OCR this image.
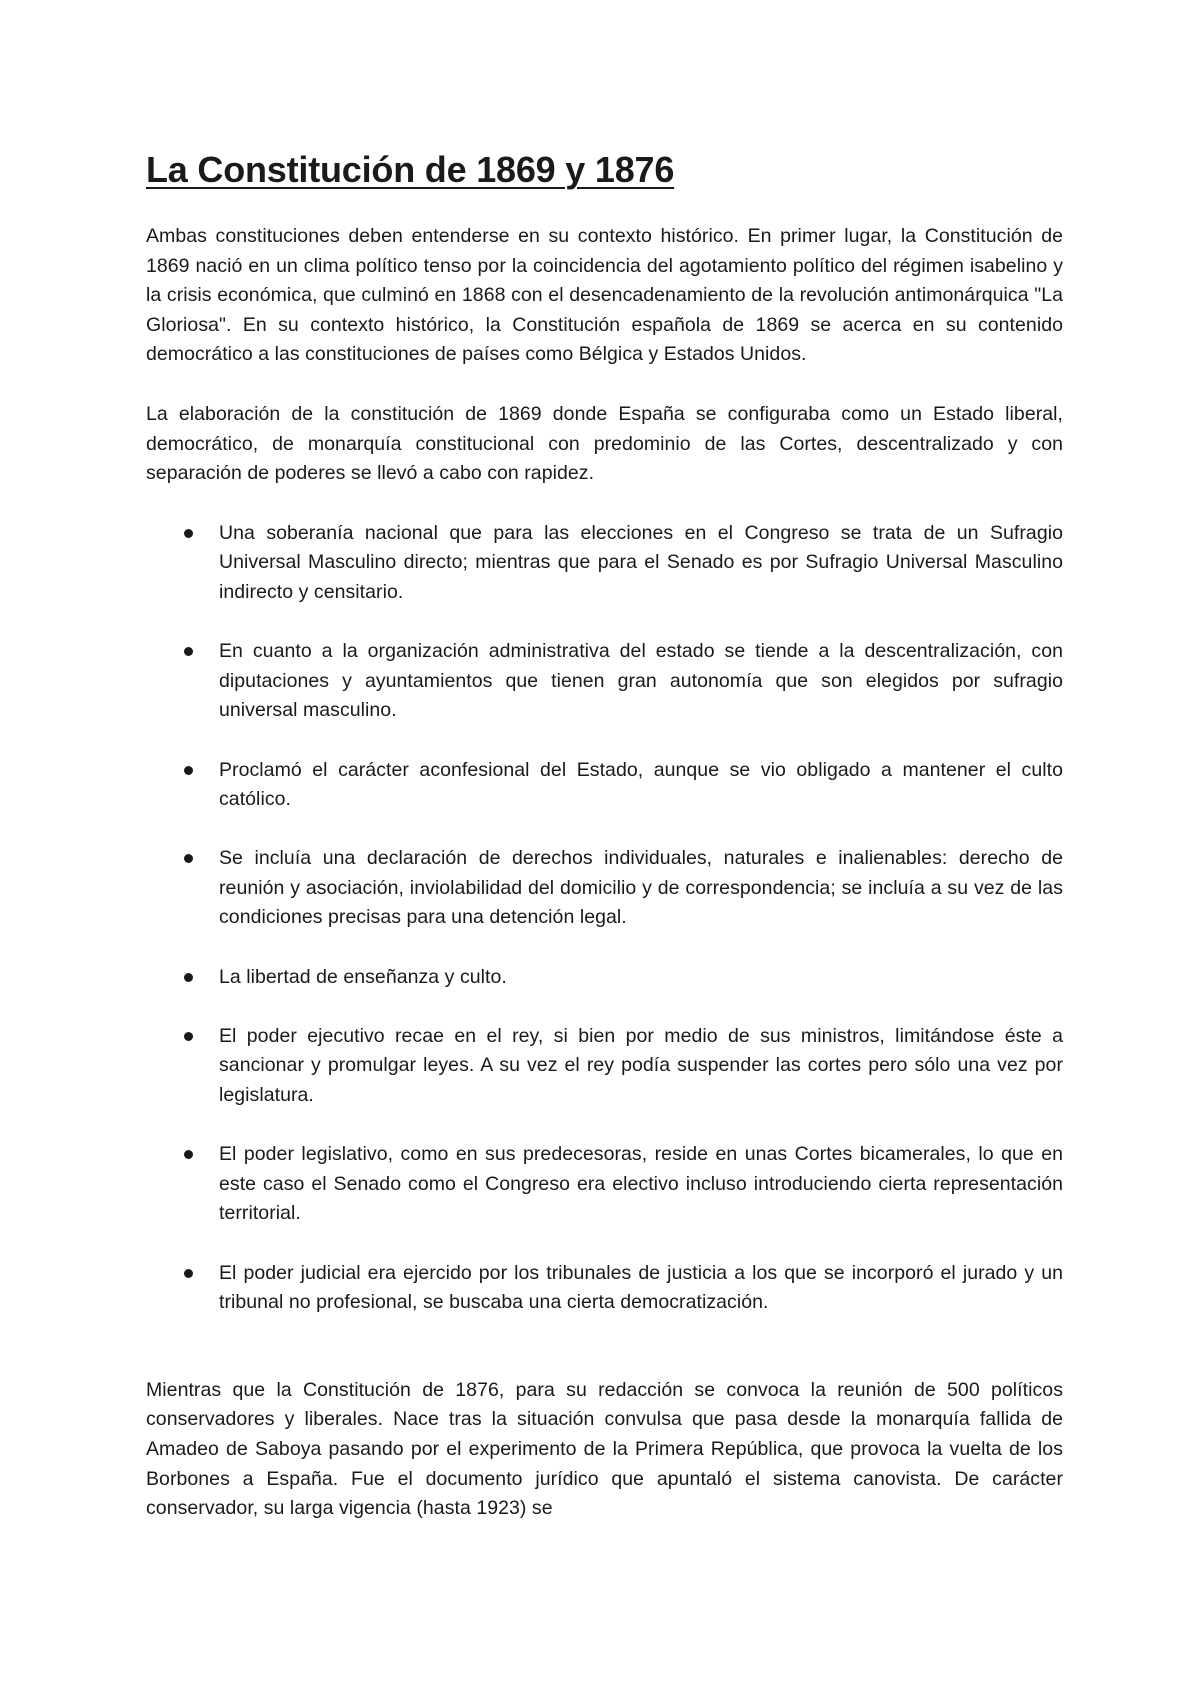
La Constitución de 1869 y 1876

Ambas constituciones deben entenderse en su contexto histórico. En primer lugar, la Constitución de 1869 nació en un clima político tenso por la coincidencia del agotamiento político del régimen isabelino y la crisis económica, que culminó en 1868 con el desencadenamiento de la revolución antimonárquica "La Gloriosa". En su contexto histórico, la Constitución española de 1869 se acerca en su contenido democrático a las constituciones de países como Bélgica y Estados Unidos.

La elaboración de la constitución de 1869 donde España se configuraba como un Estado liberal, democrático, de monarquía constitucional con predominio de las Cortes, descentralizado y con separación de poderes se llevó a cabo con rapidez.

Una soberanía nacional que para las elecciones en el Congreso se trata de un Sufragio Universal Masculino directo; mientras que para el Senado es por Sufragio Universal Masculino indirecto y censitario.

En cuanto a la organización administrativa del estado se tiende a la descentralización, con diputaciones y ayuntamientos que tienen gran autonomía que son elegidos por sufragio universal masculino.

Proclamó el carácter aconfesional del Estado, aunque se vio obligado a mantener el culto católico.

Se incluía una declaración de derechos individuales, naturales e inalienables: derecho de reunión y asociación, inviolabilidad del domicilio y de correspondencia; se incluía a su vez de las condiciones precisas para una detención legal.

La libertad de enseñanza y culto.

El poder ejecutivo recae en el rey, si bien por medio de sus ministros, limitándose éste a sancionar y promulgar leyes. A su vez el rey podía suspender las cortes pero sólo una vez por legislatura.

El poder legislativo, como en sus predecesoras, reside en unas Cortes bicamerales, lo que en este caso el Senado como el Congreso era electivo incluso introduciendo cierta representación territorial.

El poder judicial era ejercido por los tribunales de justicia a los que se incorporó el jurado y un tribunal no profesional, se buscaba una cierta democratización.

Mientras que la Constitución de 1876, para su redacción se convoca la reunión de 500 políticos conservadores y liberales. Nace tras la situación convulsa que pasa desde la monarquía fallida de Amadeo de Saboya pasando por el experimento de la Primera República, que provoca la vuelta de los Borbones a España. Fue el documento jurídico que apuntaló el sistema canovista. De carácter conservador, su larga vigencia (hasta 1923) se
